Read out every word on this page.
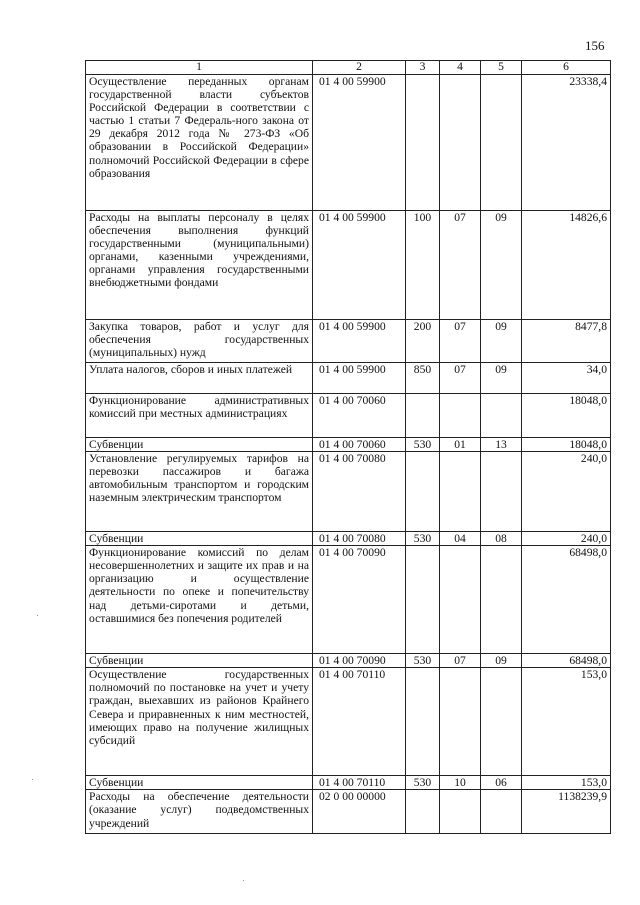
156
1	2	3	4	5	6
Осуществление переданных органам государственной власти субъектов Российской Федерации в соответствии с частью 1 статьи 7 Федераль-ного закона от 29 декабря 2012 года № 273-ФЗ «Об образовании в Российской Федерации» полномочий Российской Федерации в сфере образования	01 4 00 59900				23338,4
Расходы на выплаты персоналу в целях обеспечения выполнения функций государственными (муниципальными) органами, казенными учреждениями, органами управления государственными внебюджетными фондами	01 4 00 59900	100	07	09	14826,6
Закупка товаров, работ и услуг для обеспечения государственных (муниципальных) нужд	01 4 00 59900	200	07	09	8477,8
Уплата налогов, сборов и иных платежей	01 4 00 59900	850	07	09	34,0
Функционирование административных комиссий при местных администрациях	01 4 00 70060				18048,0
Субвенции	01 4 00 70060	530	01	13	18048,0
Установление регулируемых тарифов на перевозки пассажиров и багажа автомобильным транспортом и городским наземным электрическим транспортом	01 4 00 70080				240,0
Субвенции	01 4 00 70080	530	04	08	240,0
Функционирование комиссий по делам несовершеннолетних и защите их прав и на организацию и осуществление деятельности по опеке и попечительству над детьми-сиротами и детьми, оставшимися без попечения родителей	01 4 00 70090				68498,0
Субвенции	01 4 00 70090	530	07	09	68498,0
Осуществление государственных полномочий по постановке на учет и учету граждан, выехавших из районов Крайнего Севера и приравненных к ним местностей, имеющих право на получение жилищных субсидий	01 4 00 70110				153,0
Субвенции	01 4 00 70110	530	10	06	153,0
Расходы на обеспечение деятельности (оказание услуг) подведомственных учреждений	02 0 00 00000				1138239,9
